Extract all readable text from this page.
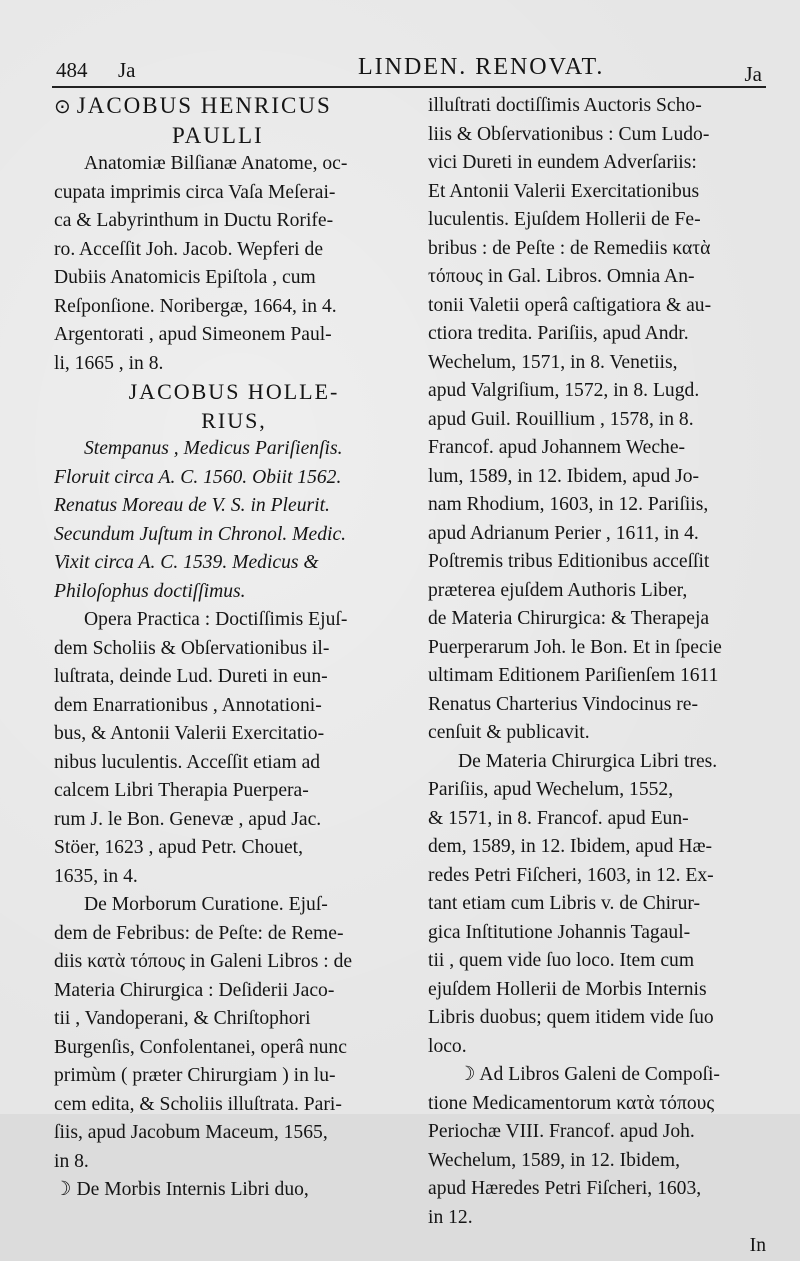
484 Ja	LINDEN. RENOVAT.	Ja
⊙ JACOBUS HENRICUS
PAULLI
Anatomiæ Bilſianæ Anatome, oc-
cupata imprimis circa Vaſa Meſerai-
ca & Labyrinthum in Ductu Rorife-
ro. Acceſſit Joh. Jacob. Wepferi de
Dubiis Anatomicis Epiſtola , cum
Reſponſione. Noribergæ, 1664, in 4.
Argentorati , apud Simeonem Paul-
li, 1665 , in 8.
JACOBUS HOLLE-
RIUS,
Stempanus , Medicus Pariſienſis.
Floruit circa A. C. 1560. Obiit 1562.
Renatus Moreau de V. S. in Pleurit.
Secundum Juſtum in Chronol. Medic.
Vixit circa A. C. 1539. Medicus &
Philoſophus doctiſſimus.
Opera Practica : Doctiſſimis Ejuſ-
dem Scholiis & Obſervationibus il-
luſtrata, deinde Lud. Dureti in eun-
dem Enarrationibus , Annotationi-
bus, & Antonii Valerii Exercitatio-
nibus luculentis. Acceſſit etiam ad
calcem Libri Therapia Puerpera-
rum J. le Bon. Genevæ , apud Jac.
Stöer, 1623 , apud Petr. Chouet,
1635, in 4.
De Morborum Curatione. Ejuſ-
dem de Febribus: de Peſte: de Reme-
diis κατὰ τόπους in Galeni Libros : de
Materia Chirurgica : Deſiderii Jaco-
tii , Vandoperani, & Chriſtophori
Burgenſis, Confolentanei, operâ nunc
primùm ( præter Chirurgiam ) in lu-
cem edita, & Scholiis illuſtrata. Pari-
ſiis, apud Jacobum Maceum, 1565,
in 8.
☽ De Morbis Internis Libri duo,
illuſtrati doctiſſimis Auctoris Scho-
liis & Obſervationibus : Cum Ludo-
vici Dureti in eundem Adverſariis:
Et Antonii Valerii Exercitationibus
luculentis. Ejuſdem Hollerii de Fe-
bribus : de Peſte : de Remediis κατὰ
τόπους in Gal. Libros. Omnia An-
tonii Valetii operâ caſtigatiora & au-
ctiora tredita. Pariſiis, apud Andr.
Wechelum, 1571, in 8. Venetiis,
apud Valgriſium, 1572, in 8. Lugd.
apud Guil. Rouillium , 1578, in 8.
Francof. apud Johannem Weche-
lum, 1589, in 12. Ibidem, apud Jo-
nam Rhodium, 1603, in 12. Pariſiis,
apud Adrianum Perier , 1611, in 4.
Poſtremis tribus Editionibus acceſſit
præterea ejuſdem Authoris Liber,
de Materia Chirurgica: & Therapeja
Puerperarum Joh. le Bon. Et in ſpecie
ultimam Editionem Pariſienſem 1611
Renatus Charterius Vindocinus re-
cenſuit & publicavit.
De Materia Chirurgica Libri tres.
Pariſiis, apud Wechelum, 1552,
& 1571, in 8. Francof. apud Eun-
dem, 1589, in 12. Ibidem, apud Hæ-
redes Petri Fiſcheri, 1603, in 12. Ex-
tant etiam cum Libris v. de Chirur-
gica Inſtitutione Johannis Tagaul-
tii , quem vide ſuo loco. Item cum
ejuſdem Hollerii de Morbis Internis
Libris duobus; quem itidem vide ſuo
loco.
☽ Ad Libros Galeni de Compoſi-
tione Medicamentorum κατὰ τόπους
Periochæ VIII. Francof. apud Joh.
Wechelum, 1589, in 12. Ibidem,
apud Hæredes Petri Fiſcheri, 1603,
in 12.
In
